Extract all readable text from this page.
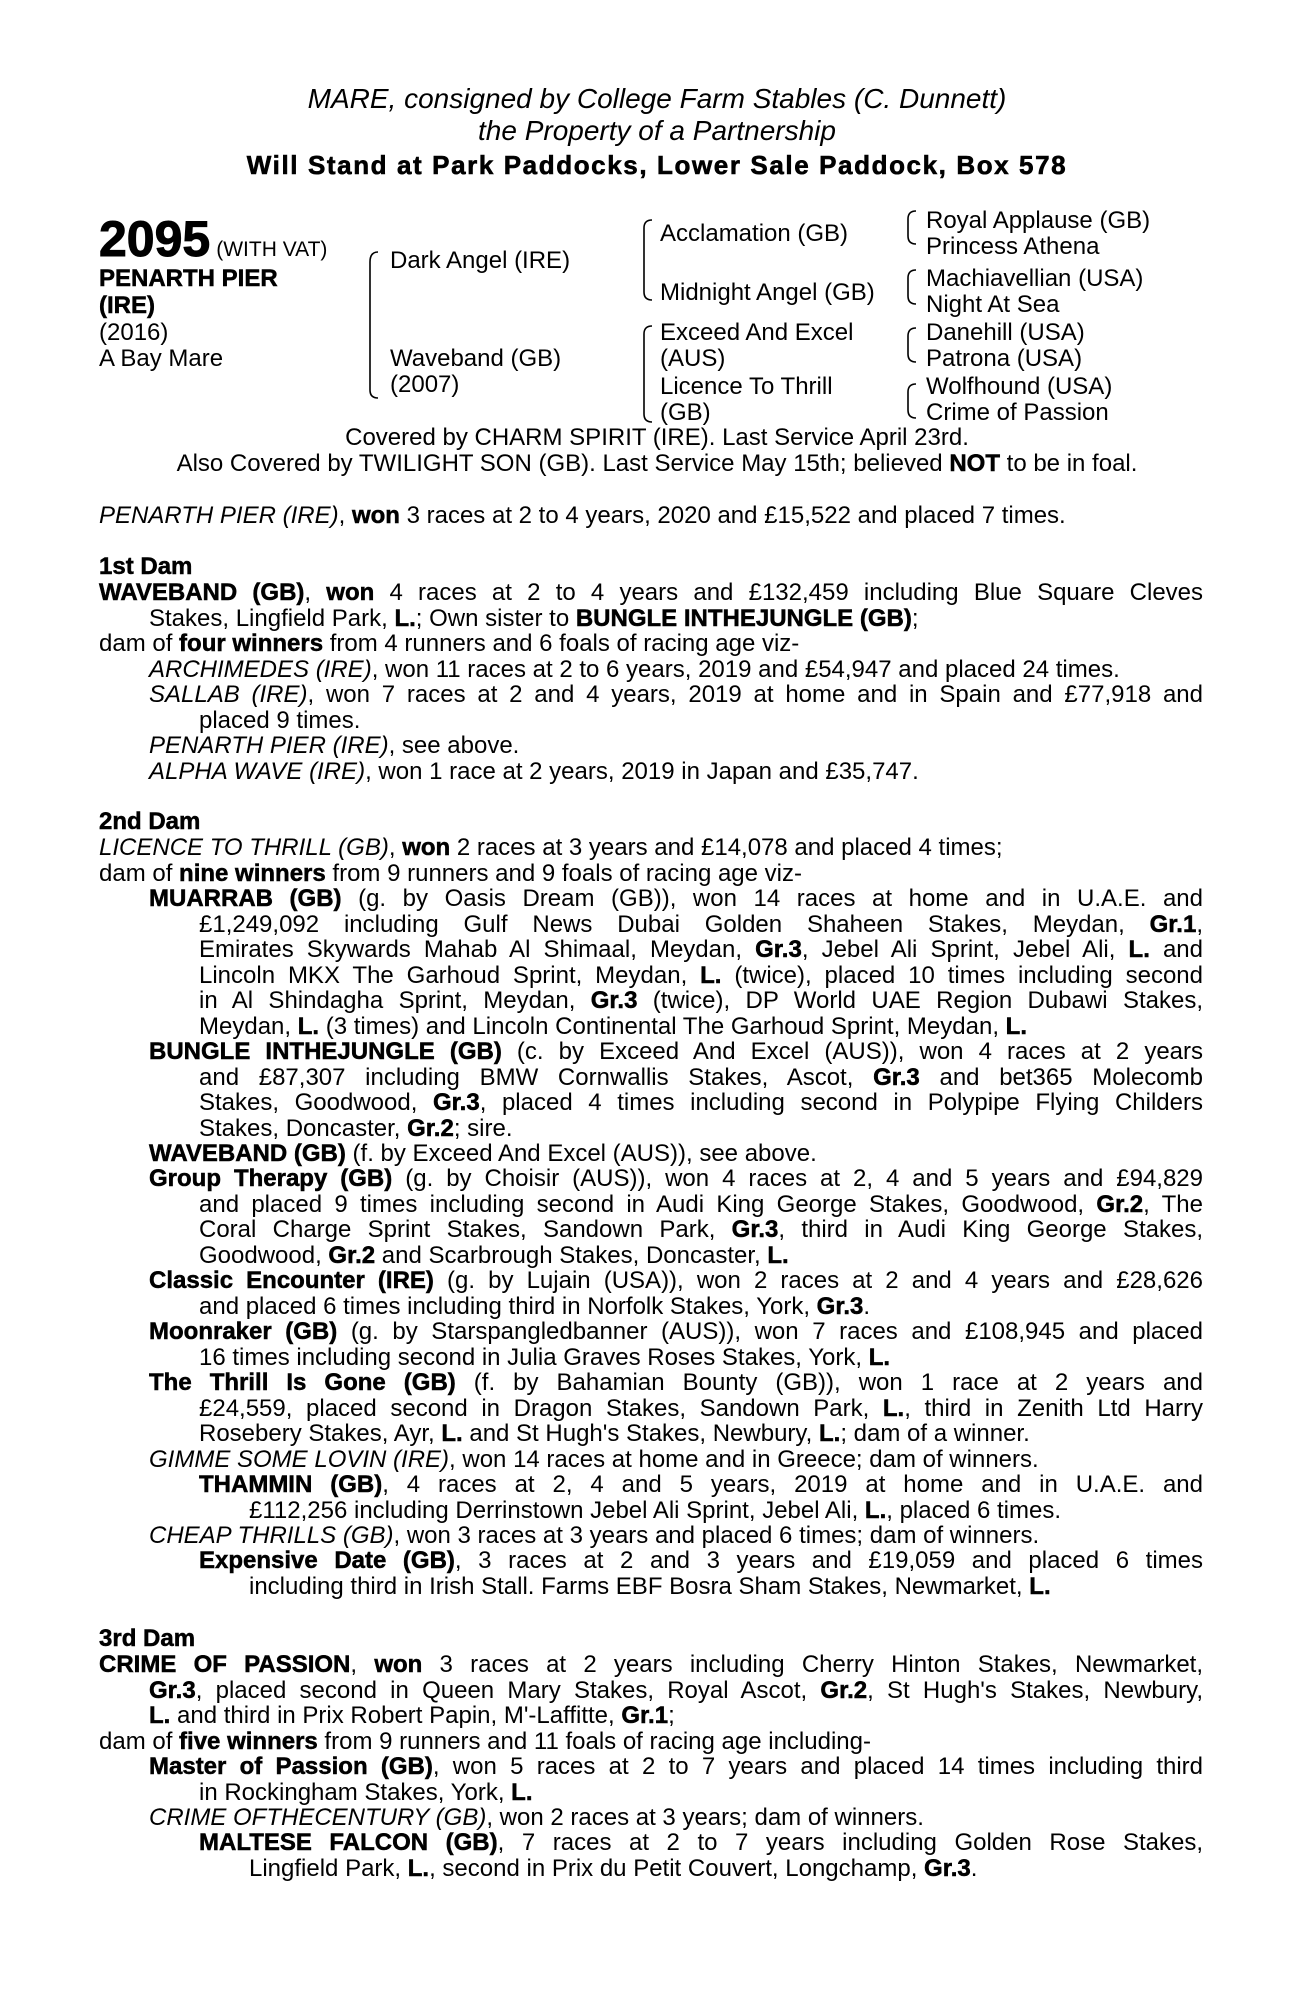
MARE, consigned by College Farm Stables (C. Dunnett)
the Property of a Partnership
Will Stand at Park Paddocks, Lower Sale Paddock, Box 578
2095 (WITH VAT)
PENARTH PIER
(IRE)
(2016)
A Bay Mare
Dark Angel (IRE)
Waveband (GB)
(2007)
Acclamation (GB)
Midnight Angel (GB)
Exceed And Excel
(AUS)
Licence To Thrill
(GB)
Royal Applause (GB)
Princess Athena
Machiavellian (USA)
Night At Sea
Danehill (USA)
Patrona (USA)
Wolfhound (USA)
Crime of Passion
Covered by CHARM SPIRIT (IRE). Last Service April 23rd.
Also Covered by TWILIGHT SON (GB). Last Service May 15th; believed NOT to be in foal.
PENARTH PIER (IRE), won 3 races at 2 to 4 years, 2020 and £15,522 and placed 7 times.
1st Dam
WAVEBAND (GB), won 4 races at 2 to 4 years and £132,459 including Blue Square Cleves
Stakes, Lingfield Park, L.; Own sister to BUNGLE INTHEJUNGLE (GB);
dam of four winners from 4 runners and 6 foals of racing age viz-
ARCHIMEDES (IRE), won 11 races at 2 to 6 years, 2019 and £54,947 and placed 24 times.
SALLAB (IRE), won 7 races at 2 and 4 years, 2019 at home and in Spain and £77,918 and
placed 9 times.
PENARTH PIER (IRE), see above.
ALPHA WAVE (IRE), won 1 race at 2 years, 2019 in Japan and £35,747.
2nd Dam
LICENCE TO THRILL (GB), won 2 races at 3 years and £14,078 and placed 4 times;
dam of nine winners from 9 runners and 9 foals of racing age viz-
MUARRAB (GB) (g. by Oasis Dream (GB)), won 14 races at home and in U.A.E. and
£1,249,092 including Gulf News Dubai Golden Shaheen Stakes, Meydan, Gr.1,
Emirates Skywards Mahab Al Shimaal, Meydan, Gr.3, Jebel Ali Sprint, Jebel Ali, L. and
Lincoln MKX The Garhoud Sprint, Meydan, L. (twice), placed 10 times including second
in Al Shindagha Sprint, Meydan, Gr.3 (twice), DP World UAE Region Dubawi Stakes,
Meydan, L. (3 times) and Lincoln Continental The Garhoud Sprint, Meydan, L.
BUNGLE INTHEJUNGLE (GB) (c. by Exceed And Excel (AUS)), won 4 races at 2 years
and £87,307 including BMW Cornwallis Stakes, Ascot, Gr.3 and bet365 Molecomb
Stakes, Goodwood, Gr.3, placed 4 times including second in Polypipe Flying Childers
Stakes, Doncaster, Gr.2; sire.
WAVEBAND (GB) (f. by Exceed And Excel (AUS)), see above.
Group Therapy (GB) (g. by Choisir (AUS)), won 4 races at 2, 4 and 5 years and £94,829
and placed 9 times including second in Audi King George Stakes, Goodwood, Gr.2, The
Coral Charge Sprint Stakes, Sandown Park, Gr.3, third in Audi King George Stakes,
Goodwood, Gr.2 and Scarbrough Stakes, Doncaster, L.
Classic Encounter (IRE) (g. by Lujain (USA)), won 2 races at 2 and 4 years and £28,626
and placed 6 times including third in Norfolk Stakes, York, Gr.3.
Moonraker (GB) (g. by Starspangledbanner (AUS)), won 7 races and £108,945 and placed
16 times including second in Julia Graves Roses Stakes, York, L.
The Thrill Is Gone (GB) (f. by Bahamian Bounty (GB)), won 1 race at 2 years and
£24,559, placed second in Dragon Stakes, Sandown Park, L., third in Zenith Ltd Harry
Rosebery Stakes, Ayr, L. and St Hugh's Stakes, Newbury, L.; dam of a winner.
GIMME SOME LOVIN (IRE), won 14 races at home and in Greece; dam of winners.
THAMMIN (GB), 4 races at 2, 4 and 5 years, 2019 at home and in U.A.E. and
£112,256 including Derrinstown Jebel Ali Sprint, Jebel Ali, L., placed 6 times.
CHEAP THRILLS (GB), won 3 races at 3 years and placed 6 times; dam of winners.
Expensive Date (GB), 3 races at 2 and 3 years and £19,059 and placed 6 times
including third in Irish Stall. Farms EBF Bosra Sham Stakes, Newmarket, L.
3rd Dam
CRIME OF PASSION, won 3 races at 2 years including Cherry Hinton Stakes, Newmarket,
Gr.3, placed second in Queen Mary Stakes, Royal Ascot, Gr.2, St Hugh's Stakes, Newbury,
L. and third in Prix Robert Papin, M'-Laffitte, Gr.1;
dam of five winners from 9 runners and 11 foals of racing age including-
Master of Passion (GB), won 5 races at 2 to 7 years and placed 14 times including third
in Rockingham Stakes, York, L.
CRIME OFTHECENTURY (GB), won 2 races at 3 years; dam of winners.
MALTESE FALCON (GB), 7 races at 2 to 7 years including Golden Rose Stakes,
Lingfield Park, L., second in Prix du Petit Couvert, Longchamp, Gr.3.
